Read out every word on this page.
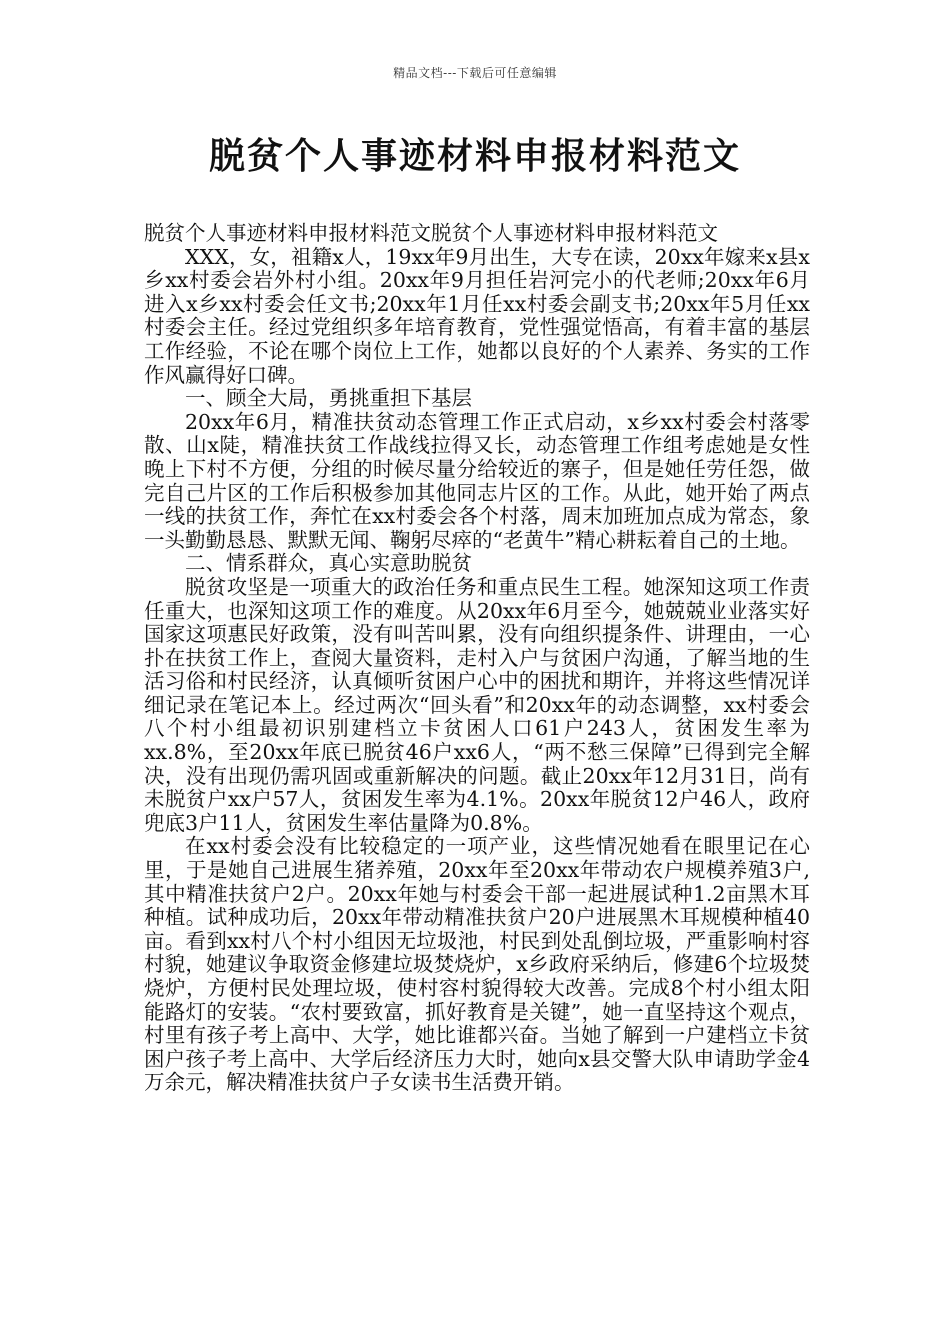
精品文档---下载后可任意编辑
脱贫个人事迹材料申报材料范文

脱贫个人事迹材料申报材料范文脱贫个人事迹材料申报材料范文

XXX，女，祖籍x人，19xx年9月出生，大专在读，20xx年嫁来x县x乡xx村委会岩外村小组。20xx年9月担任岩河完小的代老师;20xx年6月进入x乡xx村委会任文书;20xx年1月任xx村委会副支书;20xx年5月任xx村委会主任。经过党组织多年培育教育，党性强觉悟高，有着丰富的基层工作经验，不论在哪个岗位上工作，她都以良好的个人素养、务实的工作作风赢得好口碑。

一、顾全大局，勇挑重担下基层

20xx年6月，精准扶贫动态管理工作正式启动，x乡xx村委会村落零散、山x陡，精准扶贫工作战线拉得又长，动态管理工作组考虑她是女性晚上下村不方便，分组的时候尽量分给较近的寨子，但是她任劳任怨，做完自己片区的工作后积极参加其他同志片区的工作。从此，她开始了两点一线的扶贫工作，奔忙在xx村委会各个村落，周末加班加点成为常态，象一头勤勤恳恳、默默无闻、鞠躬尽瘁的“老黄牛”精心耕耘着自己的土地。

二、情系群众，真心实意助脱贫

脱贫攻坚是一项重大的政治任务和重点民生工程。她深知这项工作责任重大，也深知这项工作的难度。从20xx年6月至今，她兢兢业业落实好国家这项惠民好政策，没有叫苦叫累，没有向组织提条件、讲理由，一心扑在扶贫工作上，查阅大量资料，走村入户与贫困户沟通，了解当地的生活习俗和村民经济，认真倾听贫困户心中的困扰和期许，并将这些情况详细记录在笔记本上。经过两次“回头看”和20xx年的动态调整，xx村委会八个村小组最初识别建档立卡贫困人口61户243人，贫困发生率为xx.8%，至20xx年底已脱贫46户xx6人，“两不愁三保障”已得到完全解决，没有出现仍需巩固或重新解决的问题。截止20xx年12月31日，尚有未脱贫户xx户57人，贫困发生率为4.1%。20xx年脱贫12户46人，政府兜底3户11人，贫困发生率估量降为0.8%。

在xx村委会没有比较稳定的一项产业，这些情况她看在眼里记在心里，于是她自己进展生猪养殖，20xx年至20xx年带动农户规模养殖3户,其中精准扶贫户2户。20xx年她与村委会干部一起进展试种1.2亩黑木耳种植。试种成功后，20xx年带动精准扶贫户20户进展黑木耳规模种植40亩。看到xx村八个村小组因无垃圾池，村民到处乱倒垃圾，严重影响村容村貌，她建议争取资金修建垃圾焚烧炉，x乡政府采纳后，修建6个垃圾焚烧炉，方便村民处理垃圾，使村容村貌得较大改善。完成8个村小组太阳能路灯的安装。“农村要致富，抓好教育是关键”，她一直坚持这个观点，村里有孩子考上高中、大学，她比谁都兴奋。当她了解到一户建档立卡贫困户孩子考上高中、大学后经济压力大时，她向x县交警大队申请助学金4万余元，解决精准扶贫户子女读书生活费开销。
